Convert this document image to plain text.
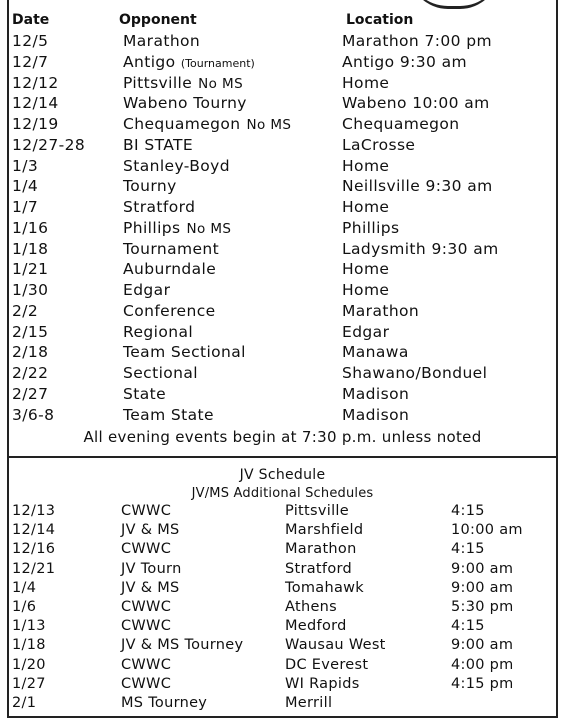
Date	Opponent	Location
12/5	Marathon	Marathon 7:00 pm
12/7	Antigo (Tournament)	Antigo 9:30 am
12/12	Pittsville No MS	Home
12/14	Wabeno Tourny	Wabeno 10:00 am
12/19	Chequamegon No MS	Chequamegon
12/27-28 BI STATE	LaCrosse
1/3	Stanley-Boyd	Home
1/4	Tourny	Neillsville 9:30 am
1/7	Stratford	Home
1/16	Phillips No MS	Phillips
1/18	Tournament	Ladysmith 9:30 am
1/21	Auburndale	Home
1/30	Edgar	Home
2/2	Conference	Marathon
2/15	Regional	Edgar
2/18	Team Sectional	Manawa
2/22	Sectional	Shawano/Bonduel
2/27	State	Madison
3/6-8	Team State	Madison
All evening events begin at 7:30 p.m. unless noted
JV Schedule
JV/MS Additional Schedules
12/13	CWWC	Pittsville	4:15
12/14	JV & MS	Marshfield	10:00 am
12/16	CWWC	Marathon	4:15
12/21	JV Tourn	Stratford	9:00 am
1/4	JV & MS	Tomahawk	9:00 am
1/6	CWWC	Athens	5:30 pm
1/13	CWWC	Medford	4:15
1/18	JV & MS Tourney	Wausau West	9:00 am
1/20	CWWC	DC Everest	4:00 pm
1/27	CWWC	WI Rapids	4:15 pm
2/1	MS Tourney	Merrill
